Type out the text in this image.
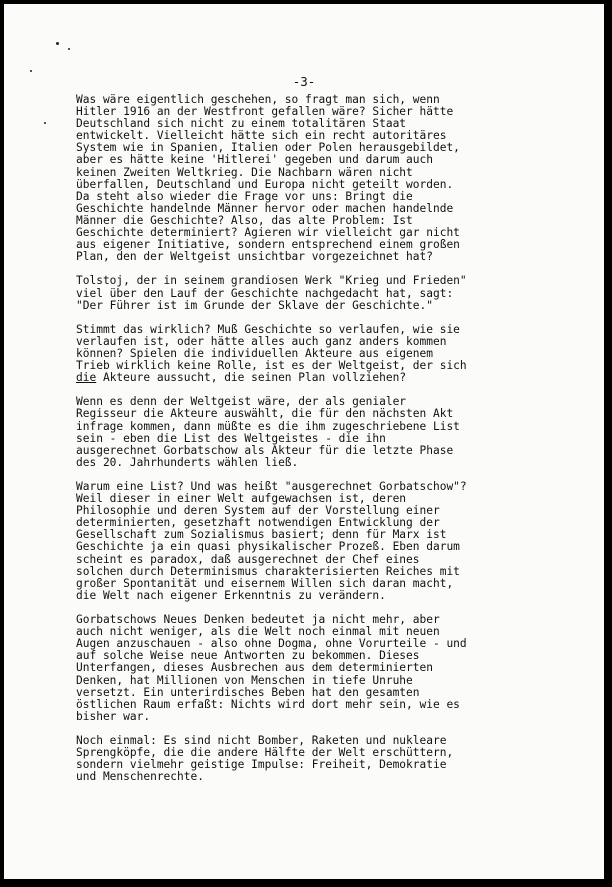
-3-
Was wäre eigentlich geschehen, so fragt man sich, wenn
Hitler 1916 an der Westfront gefallen wäre? Sicher hätte
Deutschland sich nicht zu einem totalitären Staat
entwickelt. Vielleicht hätte sich ein recht autoritäres
System wie in Spanien, Italien oder Polen herausgebildet,
aber es hätte keine 'Hitlerei' gegeben und darum auch
keinen Zweiten Weltkrieg. Die Nachbarn wären nicht
überfallen, Deutschland und Europa nicht geteilt worden.
Da steht also wieder die Frage vor uns: Bringt die
Geschichte handelnde Männer hervor oder machen handelnde
Männer die Geschichte? Also, das alte Problem: Ist
Geschichte determiniert? Agieren wir vielleicht gar nicht
aus eigener Initiative, sondern entsprechend einem großen
Plan, den der Weltgeist unsichtbar vorgezeichnet hat?
Tolstoj, der in seinem grandiosen Werk "Krieg und Frieden"
viel über den Lauf der Geschichte nachgedacht hat, sagt:
"Der Führer ist im Grunde der Sklave der Geschichte."
Stimmt das wirklich? Muß Geschichte so verlaufen, wie sie
verlaufen ist, oder hätte alles auch ganz anders kommen
können? Spielen die individuellen Akteure aus eigenem
Trieb wirklich keine Rolle, ist es der Weltgeist, der sich
die Akteure aussucht, die seinen Plan vollziehen?
Wenn es denn der Weltgeist wäre, der als genialer
Regisseur die Akteure auswählt, die für den nächsten Akt
infrage kommen, dann müßte es die ihm zugeschriebene List
sein - eben die List des Weltgeistes - die ihn
ausgerechnet Gorbatschow als Akteur für die letzte Phase
des 20. Jahrhunderts wählen ließ.
Warum eine List? Und was heißt "ausgerechnet Gorbatschow"?
Weil dieser in einer Welt aufgewachsen ist, deren
Philosophie und deren System auf der Vorstellung einer
determinierten, gesetzhaft notwendigen Entwicklung der
Gesellschaft zum Sozialismus basiert; denn für Marx ist
Geschichte ja ein quasi physikalischer Prozeß. Eben darum
scheint es paradox, daß ausgerechnet der Chef eines
solchen durch Determinismus charakterisierten Reiches mit
großer Spontanität und eisernem Willen sich daran macht,
die Welt nach eigener Erkenntnis zu verändern.
Gorbatschows Neues Denken bedeutet ja nicht mehr, aber
auch nicht weniger, als die Welt noch einmal mit neuen
Augen anzuschauen - also ohne Dogma, ohne Vorurteile - und
auf solche Weise neue Antworten zu bekommen. Dieses
Unterfangen, dieses Ausbrechen aus dem determinierten
Denken, hat Millionen von Menschen in tiefe Unruhe
versetzt. Ein unterirdisches Beben hat den gesamten
östlichen Raum erfaßt: Nichts wird dort mehr sein, wie es
bisher war.
Noch einmal: Es sind nicht Bomber, Raketen und nukleare
Sprengköpfe, die die andere Hälfte der Welt erschüttern,
sondern vielmehr geistige Impulse: Freiheit, Demokratie
und Menschenrechte.
